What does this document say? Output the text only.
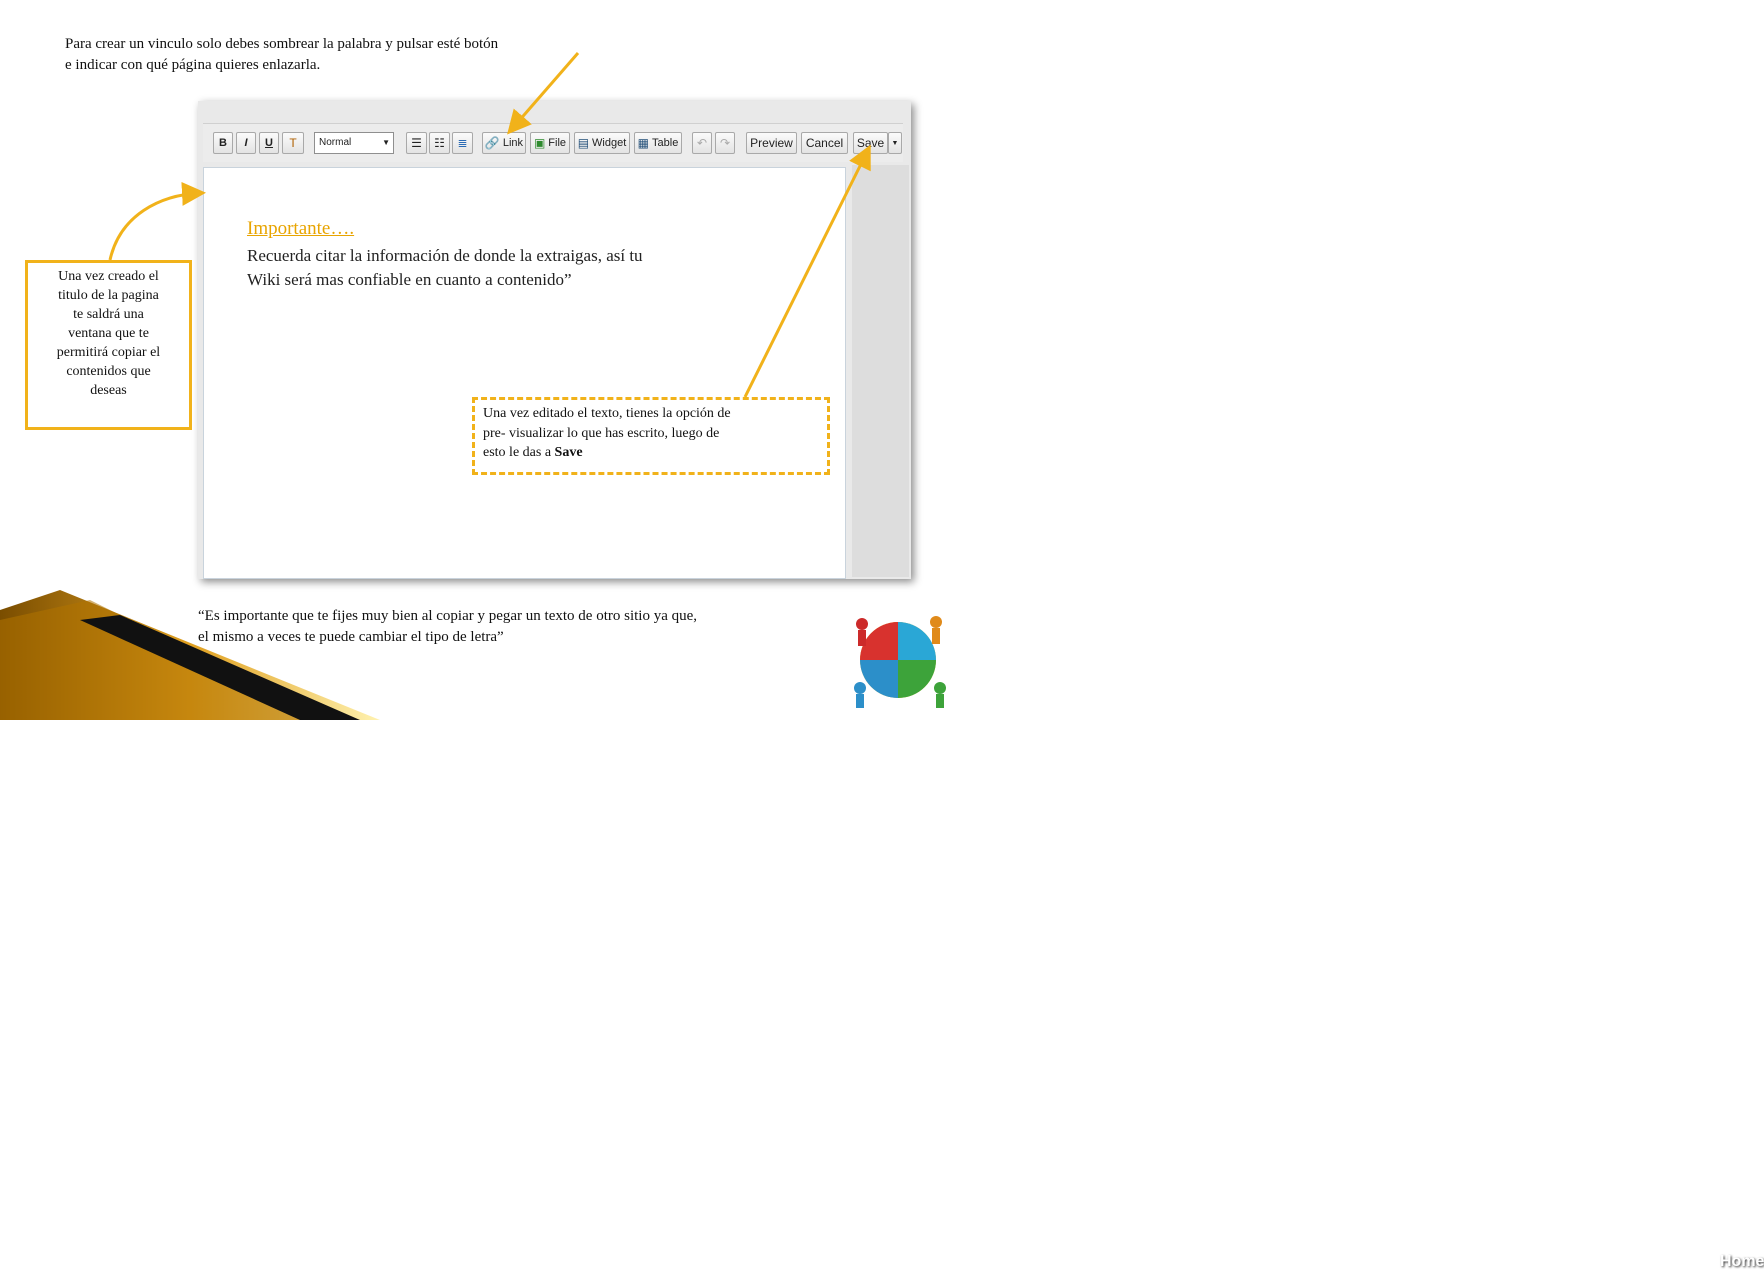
Para crear un vinculo solo debes sombrear la palabra y pulsar esté botón
e indicar con qué página quieres enlazarla.
B	I	U	T	Normal	▼ ☰ ☷ ≣ 🔗 Link ▣ File ▤ Widget ▦ Table ↶ ↷	Preview	Cancel	Save	▼
Importante….
Recuerda citar la información de donde la extraigas, así tu
Wiki será mas confiable en cuanto a contenido”
Una vez creado el
titulo de la pagina
te saldrá una
ventana que te
permitirá copiar el
contenidos que
deseas
Una vez editado el texto, tienes la opción de
pre- visualizar lo que has escrito, luego de
esto le das a Save
Home
“Es importante que te fijes muy bien al copiar y pegar un texto de otro sitio ya que,
el mismo a veces te puede cambiar el tipo de letra”
